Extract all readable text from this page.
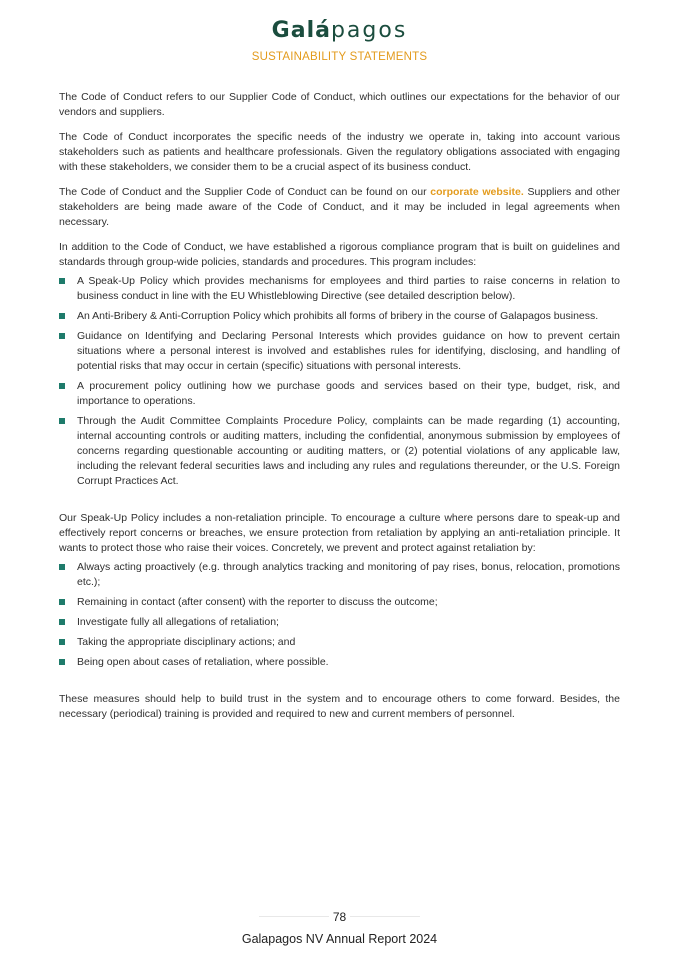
Galápagos
SUSTAINABILITY STATEMENTS

The Code of Conduct refers to our Supplier Code of Conduct, which outlines our expectations for the behavior of our vendors and suppliers.

The Code of Conduct incorporates the specific needs of the industry we operate in, taking into account various stakeholders such as patients and healthcare professionals. Given the regulatory obligations associated with engaging with these stakeholders, we consider them to be a crucial aspect of its business conduct.

The Code of Conduct and the Supplier Code of Conduct can be found on our corporate website. Suppliers and other stakeholders are being made aware of the Code of Conduct, and it may be included in legal agreements when necessary.

In addition to the Code of Conduct, we have established a rigorous compliance program that is built on guidelines and standards through group-wide policies, standards and procedures. This program includes:

A Speak-Up Policy which provides mechanisms for employees and third parties to raise concerns in relation to business conduct in line with the EU Whistleblowing Directive (see detailed description below).
An Anti-Bribery & Anti-Corruption Policy which prohibits all forms of bribery in the course of Galapagos business.
Guidance on Identifying and Declaring Personal Interests which provides guidance on how to prevent certain situations where a personal interest is involved and establishes rules for identifying, disclosing, and handling of potential risks that may occur in certain (specific) situations with personal interests.
A procurement policy outlining how we purchase goods and services based on their type, budget, risk, and importance to operations.
Through the Audit Committee Complaints Procedure Policy, complaints can be made regarding (1) accounting, internal accounting controls or auditing matters, including the confidential, anonymous submission by employees of concerns regarding questionable accounting or auditing matters, or (2) potential violations of any applicable law, including the relevant federal securities laws and including any rules and regulations thereunder, or the U.S. Foreign Corrupt Practices Act.

Our Speak-Up Policy includes a non-retaliation principle. To encourage a culture where persons dare to speak-up and effectively report concerns or breaches, we ensure protection from retaliation by applying an anti-retaliation principle. It wants to protect those who raise their voices. Concretely, we prevent and protect against retaliation by:

Always acting proactively (e.g. through analytics tracking and monitoring of pay rises, bonus, relocation, promotions etc.);
Remaining in contact (after consent) with the reporter to discuss the outcome;
Investigate fully all allegations of retaliation;
Taking the appropriate disciplinary actions; and
Being open about cases of retaliation, where possible.

These measures should help to build trust in the system and to encourage others to come forward. Besides, the necessary (periodical) training is provided and required to new and current members of personnel.

78
Galapagos NV Annual Report 2024
